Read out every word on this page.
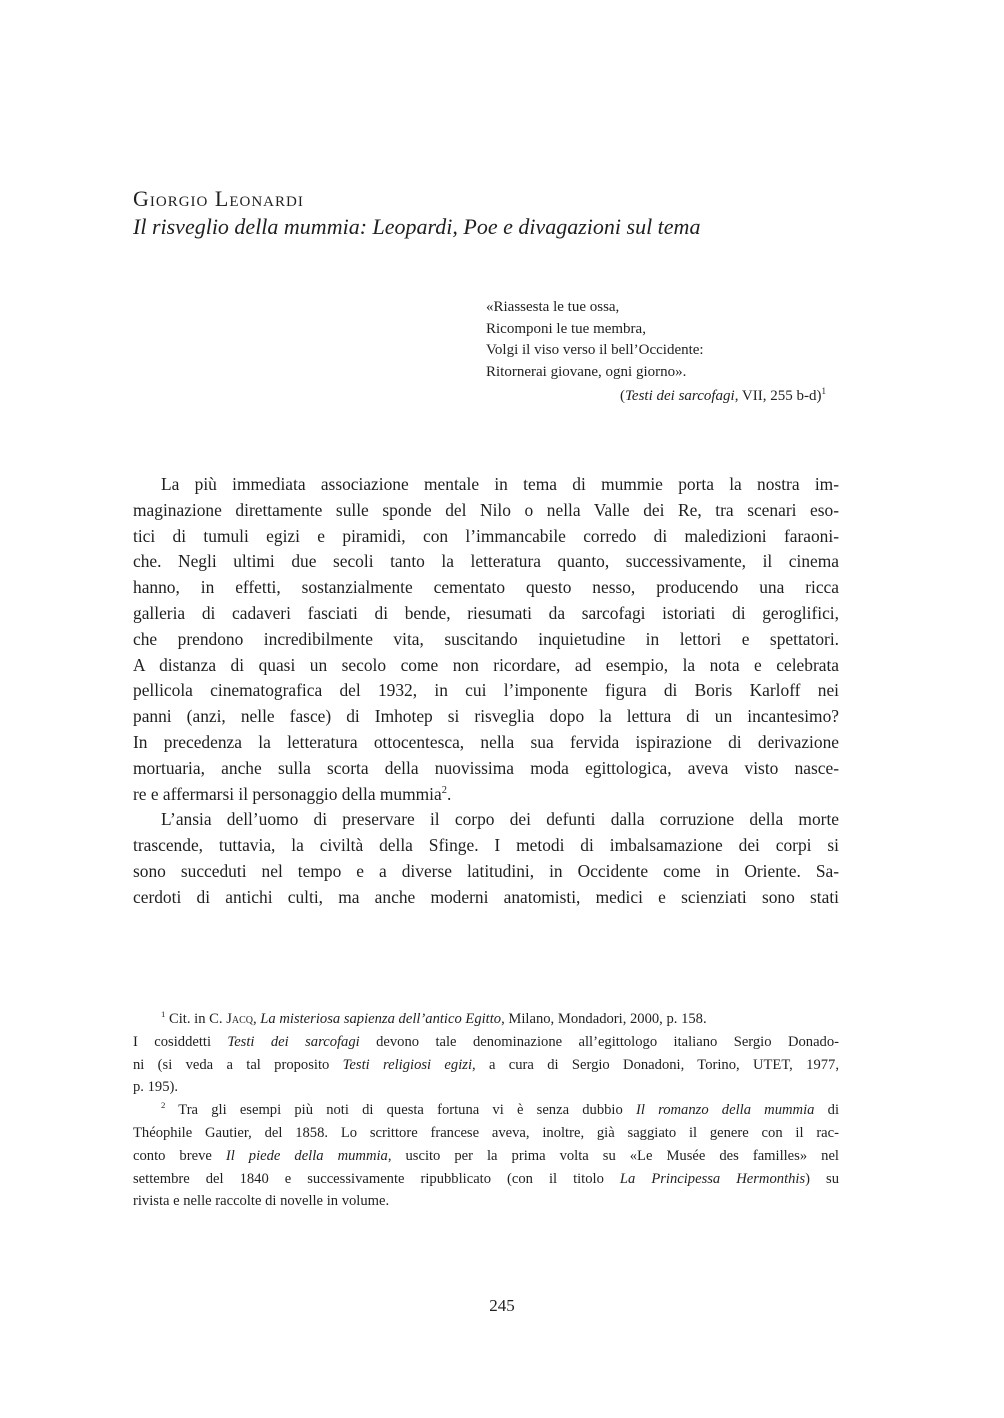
Giorgio Leonardi
Il risveglio della mummia: Leopardi, Poe e divagazioni sul tema
«Riassesta le tue ossa,
Ricomponi le tue membra,
Volgi il viso verso il bell’Occidente:
Ritornerai giovane, ogni giorno».
(Testi dei sarcofagi, VII, 255 b-d)$^1$
La più immediata associazione mentale in tema di mummie porta la nostra im-
maginazione direttamente sulle sponde del Nilo o nella Valle dei Re, tra scenari eso-
tici di tumuli egizi e piramidi, con l’immancabile corredo di maledizioni faraoni-
che. Negli ultimi due secoli tanto la letteratura quanto, successivamente, il cinema
hanno, in effetti, sostanzialmente cementato questo nesso, producendo una ricca
galleria di cadaveri fasciati di bende, riesumati da sarcofagi istoriati di geroglifici,
che prendono incredibilmente vita, suscitando inquietudine in lettori e spettatori.
A distanza di quasi un secolo come non ricordare, ad esempio, la nota e celebrata
pellicola cinematografica del 1932, in cui l’imponente figura di Boris Karloff nei
panni (anzi, nelle fasce) di Imhotep si risveglia dopo la lettura di un incantesimo?
In precedenza la letteratura ottocentesca, nella sua fervida ispirazione di derivazione
mortuaria, anche sulla scorta della nuovissima moda egittologica, aveva visto nasce-
re e affermarsi il personaggio della mummia$^2$.
L’ansia dell’uomo di preservare il corpo dei defunti dalla corruzione della morte
trascende, tuttavia, la civiltà della Sfinge. I metodi di imbalsamazione dei corpi si
sono succeduti nel tempo e a diverse latitudini, in Occidente come in Oriente. Sa-
cerdoti di antichi culti, ma anche moderni anatomisti, medici e scienziati sono stati
$^1$ Cit. in C. Jacq, La misteriosa sapienza dell’antico Egitto, Milano, Mondadori, 2000, p. 158.
I cosiddetti Testi dei sarcofagi devono tale denominazione all’egittologo italiano Sergio Donado-
ni (si veda a tal proposito Testi religiosi egizi, a cura di Sergio Donadoni, Torino, UTET, 1977,
p. 195).
$^2$ Tra gli esempi più noti di questa fortuna vi è senza dubbio Il romanzo della mummia di
Théophile Gautier, del 1858. Lo scrittore francese aveva, inoltre, già saggiato il genere con il rac-
conto breve Il piede della mummia, uscito per la prima volta su «Le Musée des familles» nel
settembre del 1840 e successivamente ripubblicato (con il titolo La Principessa Hermonthis) su
rivista e nelle raccolte di novelle in volume.
245
